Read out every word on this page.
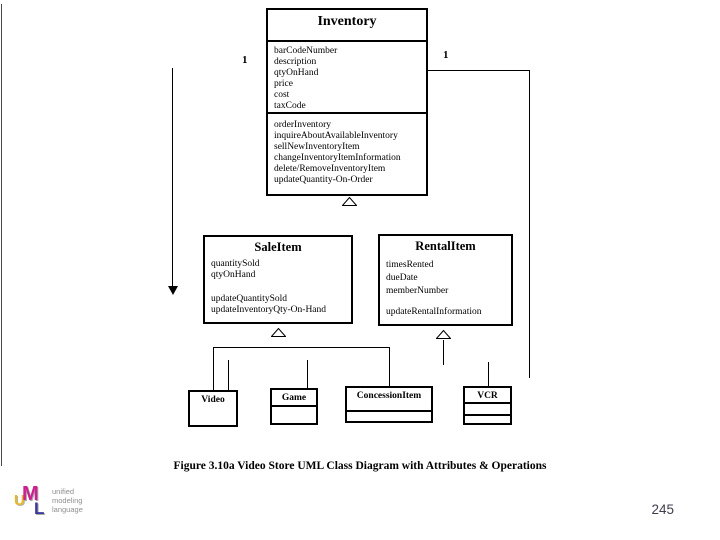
1	1
Inventory
barCodeNumber
description
qtyOnHand
price
cost
taxCode
orderInventory
inquireAboutAvailableInventory
sellNewInventoryItem
changeInventoryItemInformation
delete/RemoveInventoryItem
updateQuantity-On-Order
SaleItem
quantitySold
qtyOnHand
updateQuantitySold
updateInventoryQty-On-Hand
RentalItem
timesRented
dueDate
memberNumber
updateRentalInformation
Video	Game	ConcessionItem	VCR
Figure 3.10a Video Store UML Class Diagram with Attributes & Operations
U
M
L
unified
modeling
language	245
